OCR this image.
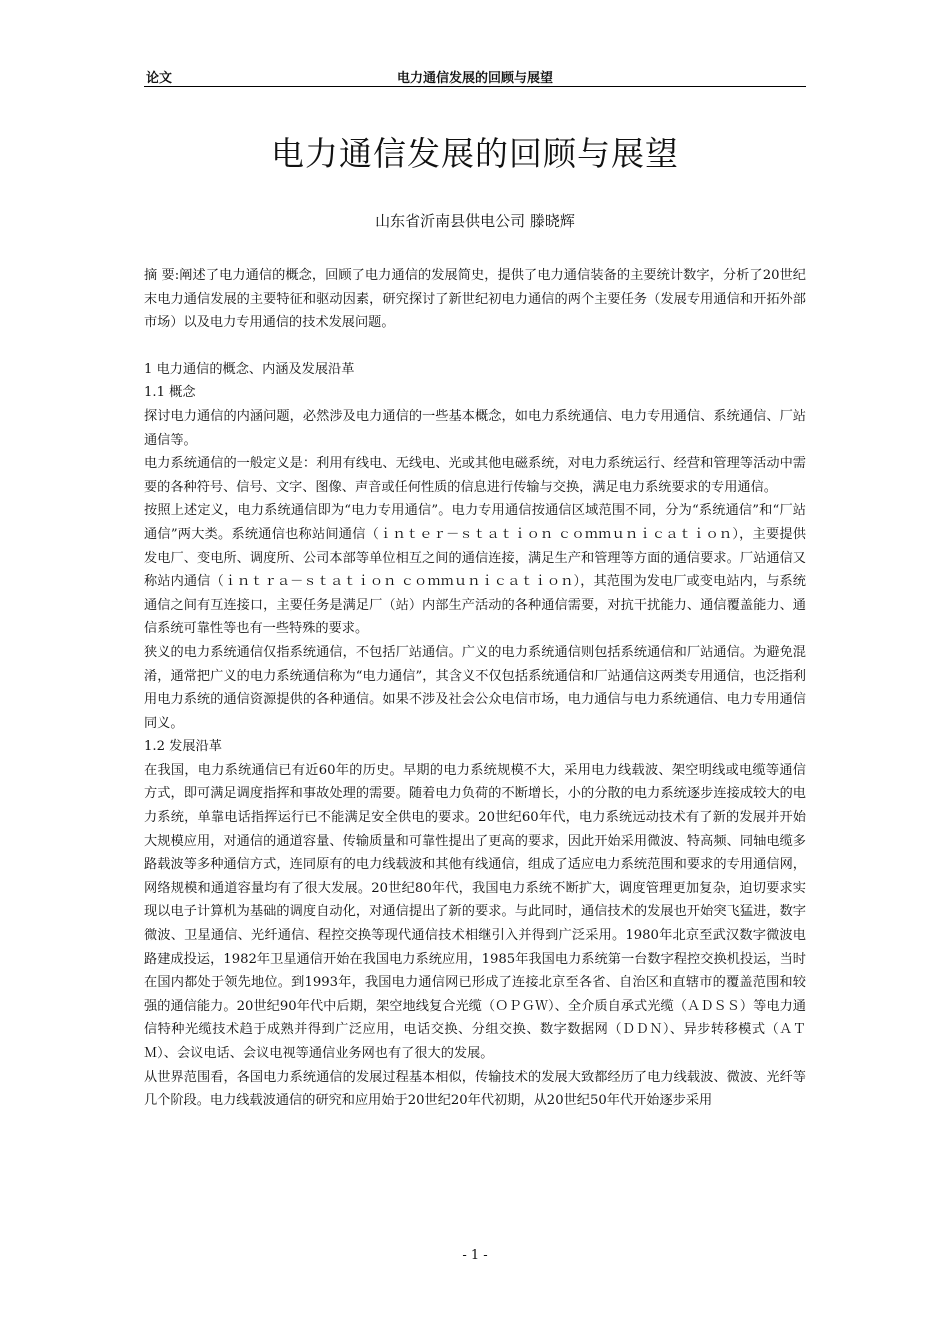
论文	电力通信发展的回顾与展望
电力通信发展的回顾与展望
山东省沂南县供电公司 滕晓辉

摘 要:阐述了电力通信的概念，回顾了电力通信的发展简史，提供了电力通信装备的主要统计数字，分析了20世纪末电力通信发展的主要特征和驱动因素，研究探讨了新世纪初电力通信的两个主要任务（发展专用通信和开拓外部市场）以及电力专用通信的技术发展问题。

1 电力通信的概念、内涵及发展沿革

1.1 概念

探讨电力通信的内涵问题，必然涉及电力通信的一些基本概念，如电力系统通信、电力专用通信、系统通信、厂站通信等。

电力系统通信的一般定义是：利用有线电、无线电、光或其他电磁系统，对电力系统运行、经营和管理等活动中需要的各种符号、信号、文字、图像、声音或任何性质的信息进行传输与交换，满足电力系统要求的专用通信。

按照上述定义，电力系统通信即为“电力专用通信”。电力专用通信按通信区域范围不同，分为“系统通信”和“厂站通信”两大类。系统通信也称站间通信（ｉｎｔｅｒ－ｓｔａｔｉｏｎ ｃｏｍｍｕｎｉｃａｔｉｏｎ），主要提供发电厂、变电所、调度所、公司本部等单位相互之间的通信连接，满足生产和管理等方面的通信要求。厂站通信又称站内通信（ｉｎｔｒａ－ｓｔａｔｉｏｎ ｃｏｍｍｕｎｉｃａｔｉｏｎ），其范围为发电厂或变电站内，与系统通信之间有互连接口，主要任务是满足厂（站）内部生产活动的各种通信需要，对抗干扰能力、通信覆盖能力、通信系统可靠性等也有一些特殊的要求。

狭义的电力系统通信仅指系统通信，不包括厂站通信。广义的电力系统通信则包括系统通信和厂站通信。为避免混淆，通常把广义的电力系统通信称为“电力通信”，其含义不仅包括系统通信和厂站通信这两类专用通信，也泛指利用电力系统的通信资源提供的各种通信。如果不涉及社会公众电信市场，电力通信与电力系统通信、电力专用通信同义。

1.2 发展沿革

在我国，电力系统通信已有近60年的历史。早期的电力系统规模不大，采用电力线载波、架空明线或电缆等通信方式，即可满足调度指挥和事故处理的需要。随着电力负荷的不断增长，小的分散的电力系统逐步连接成较大的电力系统，单靠电话指挥运行已不能满足安全供电的要求。20世纪60年代，电力系统远动技术有了新的发展并开始大规模应用，对通信的通道容量、传输质量和可靠性提出了更高的要求，因此开始采用微波、特高频、同轴电缆多路载波等多种通信方式，连同原有的电力线载波和其他有线通信，组成了适应电力系统范围和要求的专用通信网，网络规模和通道容量均有了很大发展。20世纪80年代，我国电力系统不断扩大，调度管理更加复杂，迫切要求实现以电子计算机为基础的调度自动化，对通信提出了新的要求。与此同时，通信技术的发展也开始突飞猛进，数字微波、卫星通信、光纤通信、程控交换等现代通信技术相继引入并得到广泛采用。1980年北京至武汉数字微波电路建成投运，1982年卫星通信开始在我国电力系统应用，1985年我国电力系统第一台数字程控交换机投运，当时在国内都处于领先地位。到1993年，我国电力通信网已形成了连接北京至各省、自治区和直辖市的覆盖范围和较强的通信能力。20世纪90年代中后期，架空地线复合光缆（ＯＰＧＷ）、全介质自承式光缆（ＡＤＳＳ）等电力通信特种光缆技术趋于成熟并得到广泛应用，电话交换、分组交换、数字数据网（ＤＤＮ）、异步转移模式（ＡＴＭ）、会议电话、会议电视等通信业务网也有了很大的发展。

从世界范围看，各国电力系统通信的发展过程基本相似，传输技术的发展大致都经历了电力线载波、微波、光纤等几个阶段。电力线载波通信的研究和应用始于20世纪20年代初期，从20世纪50年代开始逐步采用

- 1 -
